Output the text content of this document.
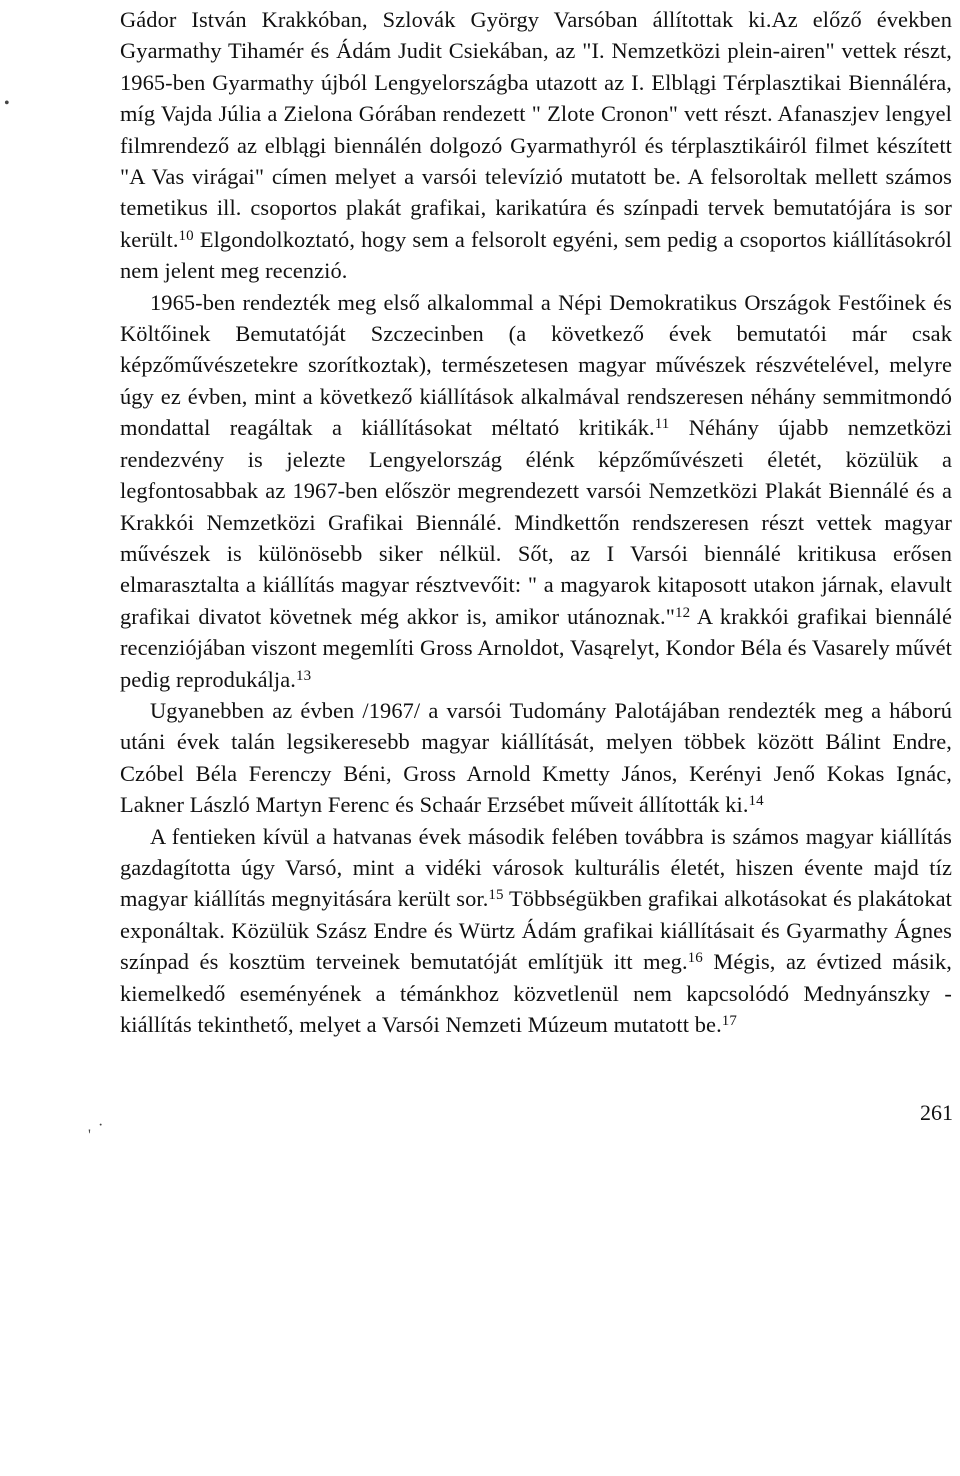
Gádor István Krakkóban, Szlovák György Varsóban állítottak ki.Az előző években Gyarmathy Tihamér és Ádám Judit Csiekában, az "I. Nemzetközi plein-airen" vettek részt, 1965-ben Gyarmathy újból Lengyelországba utazott az I. Elblągi Térplasztikai Biennáléra, míg Vajda Júlia a Zielona Górában rendezett " Zlote Cronon" vett részt. Afanaszjev lengyel filmrendező az elblągi biennálén dolgozó Gyarmathyról és térplasztikáiról filmet készített "A Vas virágai" címen melyet a varsói televízió mutatott be. A felsoroltak mellett számos temetikus ill. csoportos plakát grafikai, karikatúra és színpadi tervek bemutatójára is sor került.$^{10}$ Elgondolkoztató, hogy sem a felsorolt egyéni, sem pedig a csoportos kiállításokról nem jelent meg recenzió.

1965-ben rendezték meg első alkalommal a Népi Demokratikus Országok Festőinek és Költőinek Bemutatóját Szczecinben (a következő évek bemutatói már csak képzőművészetekre szorítkoztak), természetesen magyar művészek részvételével, melyre úgy ez évben, mint a következő kiállítások alkalmával rendszeresen néhány semmitmondó mondattal reagáltak a kiállításokat méltató kritikák.$^{11}$ Néhány újabb nemzetközi rendezvény is jelezte Lengyelország élénk képzőművészeti életét, közülük a legfontosabbak az 1967-ben először megrendezett varsói Nemzetközi Plakát Biennálé és a Krakkói Nemzetközi Grafikai Biennálé. Mindkettőn rendszeresen részt vettek magyar művészek is különösebb siker nélkül. Sőt, az I Varsói biennálé kritikusa erősen elmarasztalta a kiállítás magyar résztvevőit: " a magyarok kitaposott utakon járnak, elavult grafikai divatot követnek még akkor is, amikor utánoznak."$^{12}$ A krakkói grafikai biennálé recenziójában viszont megemlíti Gross Arnoldot, Vasąrelyt, Kondor Béla és Vasarely művét pedig reprodukálja.$^{13}$

Ugyanebben az évben /1967/ a varsói Tudomány Palotájában rendezték meg a háború utáni évek talán legsikeresebb magyar kiállítását, melyen többek között Bálint Endre, Czóbel Béla Ferenczy Béni, Gross Arnold Kmetty János, Kerényi Jenő Kokas Ignác, Lakner László Martyn Ferenc és Schaár Erzsébet műveit állították ki.$^{14}$

A fentieken kívül a hatvanas évek második felében továbbra is számos magyar kiállítás gazdagította úgy Varsó, mint a vidéki városok kulturális életét, hiszen évente majd tíz magyar kiállítás megnyitására került sor.$^{15}$ Többségükben grafikai alkotásokat és plakátokat exponáltak. Közülük Szász Endre és Würtz Ádám grafikai kiállításait és Gyarmathy Ágnes színpad és kosztüm terveinek bemutatóját említjük itt meg.$^{16}$ Mégis, az évtized másik, kiemelkedő eseményének a témánkhoz közvetlenül nem kapcsolódó Mednyánszky - kiállítás tekinthető, melyet a Varsói Nemzeti Múzeum mutatott be.$^{17}$

261
•
·
'
